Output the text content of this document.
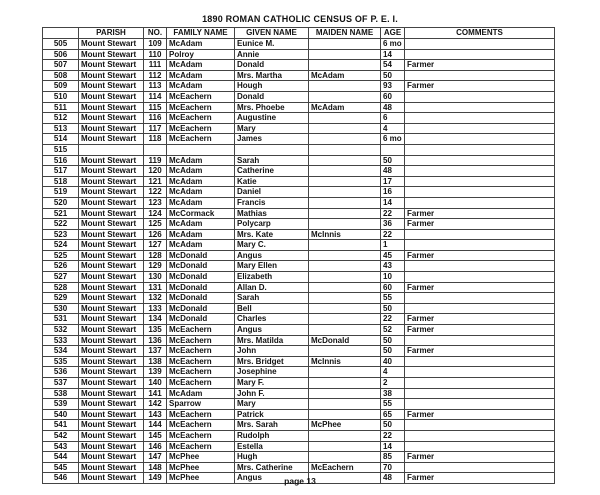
1890 ROMAN CATHOLIC CENSUS OF P. E. I.
	PARISH	NO.	FAMILY NAME	GIVEN NAME	MAIDEN NAME	AGE	COMMENTS
505	Mount Stewart	109	McAdam	Eunice M.		6 mo	
506	Mount Stewart	110	Polroy	Annie		14	
507	Mount Stewart	111	McAdam	Donald		54	Farmer
508	Mount Stewart	112	McAdam	Mrs. Martha	McAdam	50	
509	Mount Stewart	113	McAdam	Hough		93	Farmer
510	Mount Stewart	114	McEachern	Donald		60	
511	Mount Stewart	115	McEachern	Mrs. Phoebe	McAdam	48	
512	Mount Stewart	116	McEachern	Augustine		6	
513	Mount Stewart	117	McEachern	Mary		4	
514	Mount Stewart	118	McEachern	James		6 mo	
515							
516	Mount Stewart	119	McAdam	Sarah		50	
517	Mount Stewart	120	McAdam	Catherine		48	
518	Mount Stewart	121	McAdam	Katie		17	
519	Mount Stewart	122	McAdam	Daniel		16	
520	Mount Stewart	123	McAdam	Francis		14	
521	Mount Stewart	124	McCormack	Mathias		22	Farmer
522	Mount Stewart	125	McAdam	Polycarp		36	Farmer
523	Mount Stewart	126	McAdam	Mrs. Kate	McInnis	22	
524	Mount Stewart	127	McAdam	Mary C.		1	
525	Mount Stewart	128	McDonald	Angus		45	Farmer
526	Mount Stewart	129	McDonald	Mary Ellen		43	
527	Mount Stewart	130	McDonald	Elizabeth		10	
528	Mount Stewart	131	McDonald	Allan D.		60	Farmer
529	Mount Stewart	132	McDonald	Sarah		55	
530	Mount Stewart	133	McDonald	Bell		50	
531	Mount Stewart	134	McDonald	Charles		22	Farmer
532	Mount Stewart	135	McEachern	Angus		52	Farmer
533	Mount Stewart	136	McEachern	Mrs. Matilda	McDonald	50	
534	Mount Stewart	137	McEachern	John		50	Farmer
535	Mount Stewart	138	McEachern	Mrs. Bridget	McInnis	40	
536	Mount Stewart	139	McEachern	Josephine		4	
537	Mount Stewart	140	McEachern	Mary F.		2	
538	Mount Stewart	141	McAdam	John F.		38	
539	Mount Stewart	142	Sparrow	Mary		55	
540	Mount Stewart	143	McEachern	Patrick		65	Farmer
541	Mount Stewart	144	McEachern	Mrs. Sarah	McPhee	50	
542	Mount Stewart	145	McEachern	Rudolph		22	
543	Mount Stewart	146	McEachern	Estella		14	
544	Mount Stewart	147	McPhee	Hugh		85	Farmer
545	Mount Stewart	148	McPhee	Mrs. Catherine	McEachern	70	
546	Mount Stewart	149	McPhee	Angus		48	Farmer
page 13
